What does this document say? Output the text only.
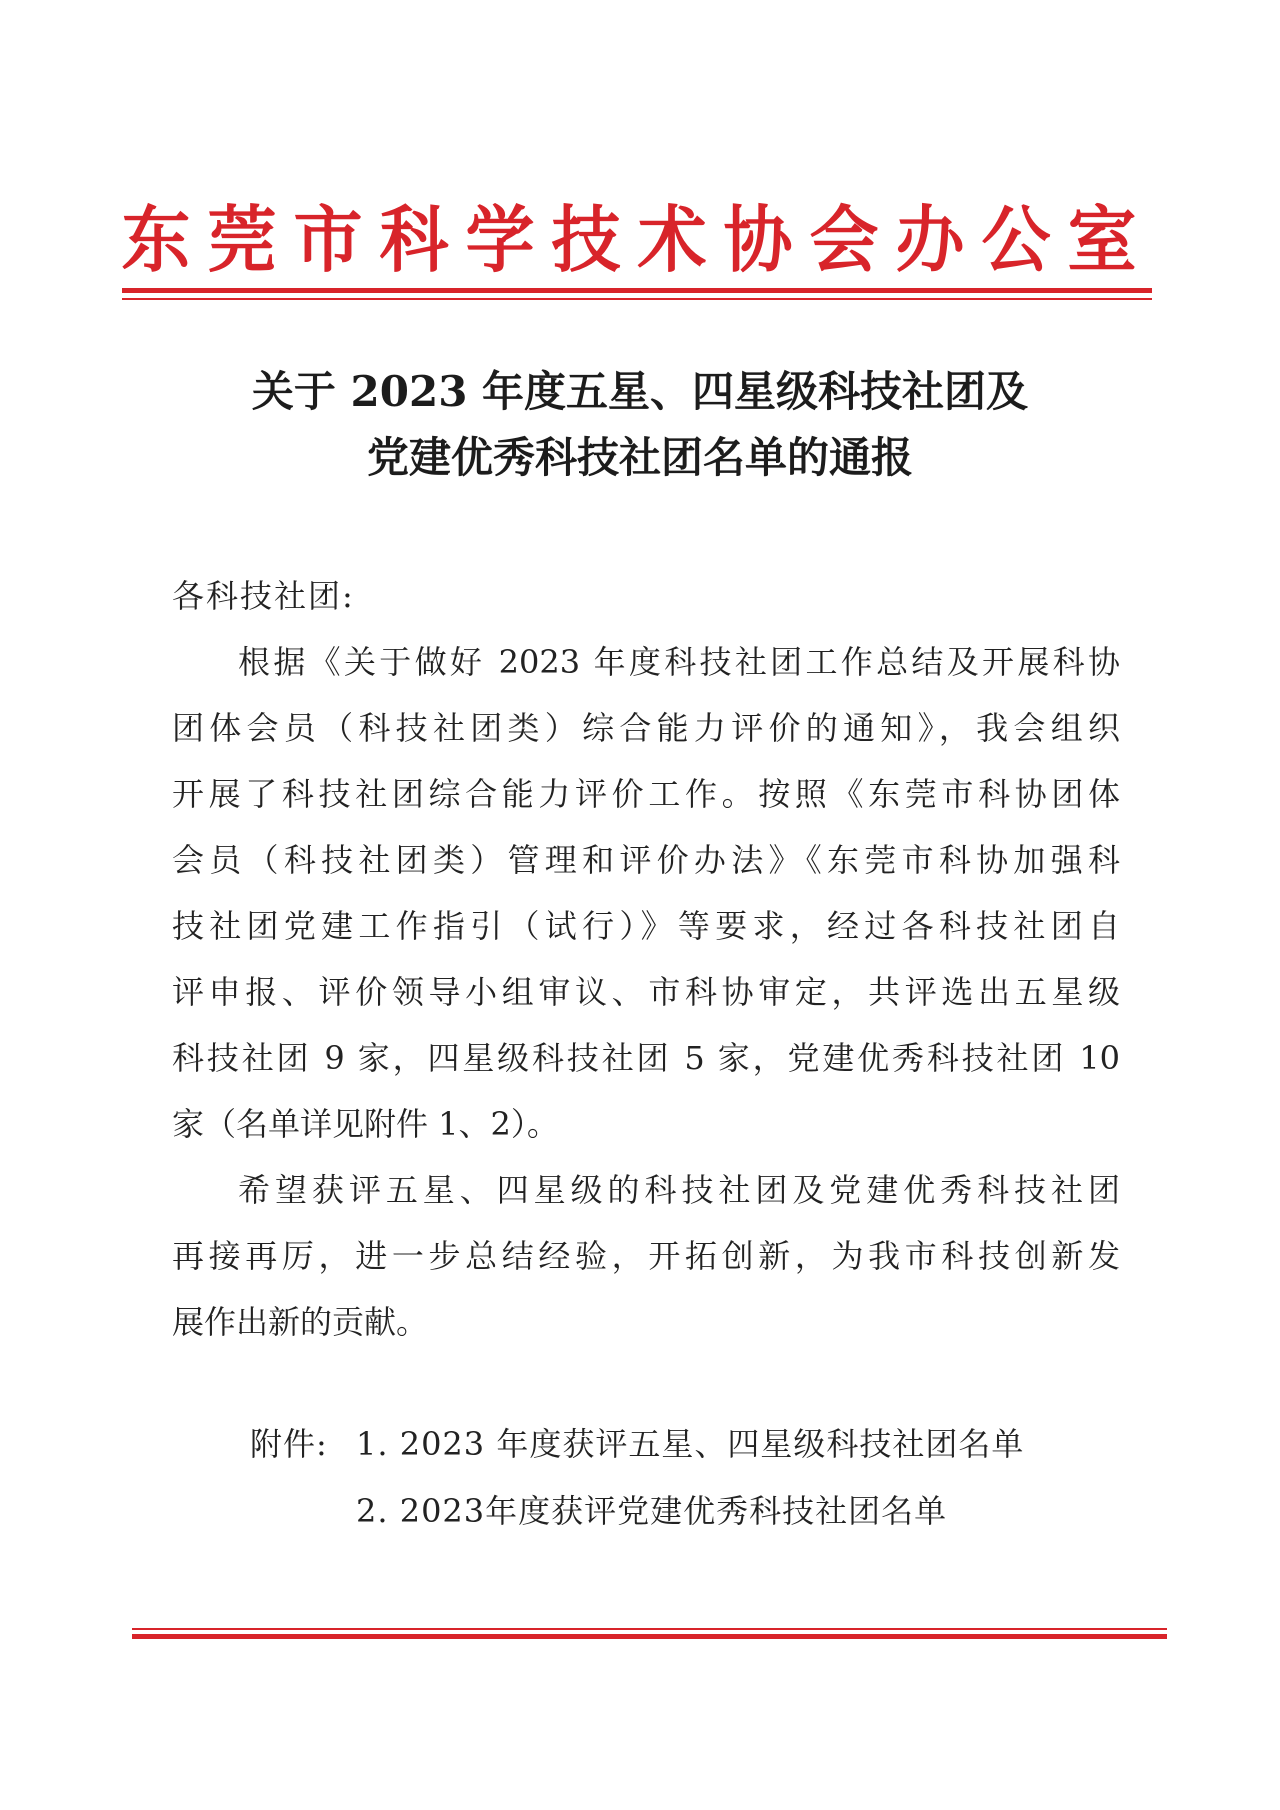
东莞市科学技术协会办公室
关于 2023 年度五星、四星级科技社团及
党建优秀科技社团名单的通报
各科技社团:
根据《关于做好 2023 年度科技社团工作总结及开展科协
团体会员（科技社团类）综合能力评价的通知》，我会组织
开展了科技社团综合能力评价工作。按照《东莞市科协团体
会员（科技社团类）管理和评价办法》《东莞市科协加强科
技社团党建工作指引（试行）》等要求，经过各科技社团自
评申报、评价领导小组审议、市科协审定，共评选出五星级
科技社团 9 家，四星级科技社团 5 家，党建优秀科技社团 10
家（名单详见附件 1、2）。
希望获评五星、四星级的科技社团及党建优秀科技社团
再接再厉，进一步总结经验，开拓创新，为我市科技创新发
展作出新的贡献。
附件: 1. 2023 年度获评五星、四星级科技社团名单
2. 2023年度获评党建优秀科技社团名单
